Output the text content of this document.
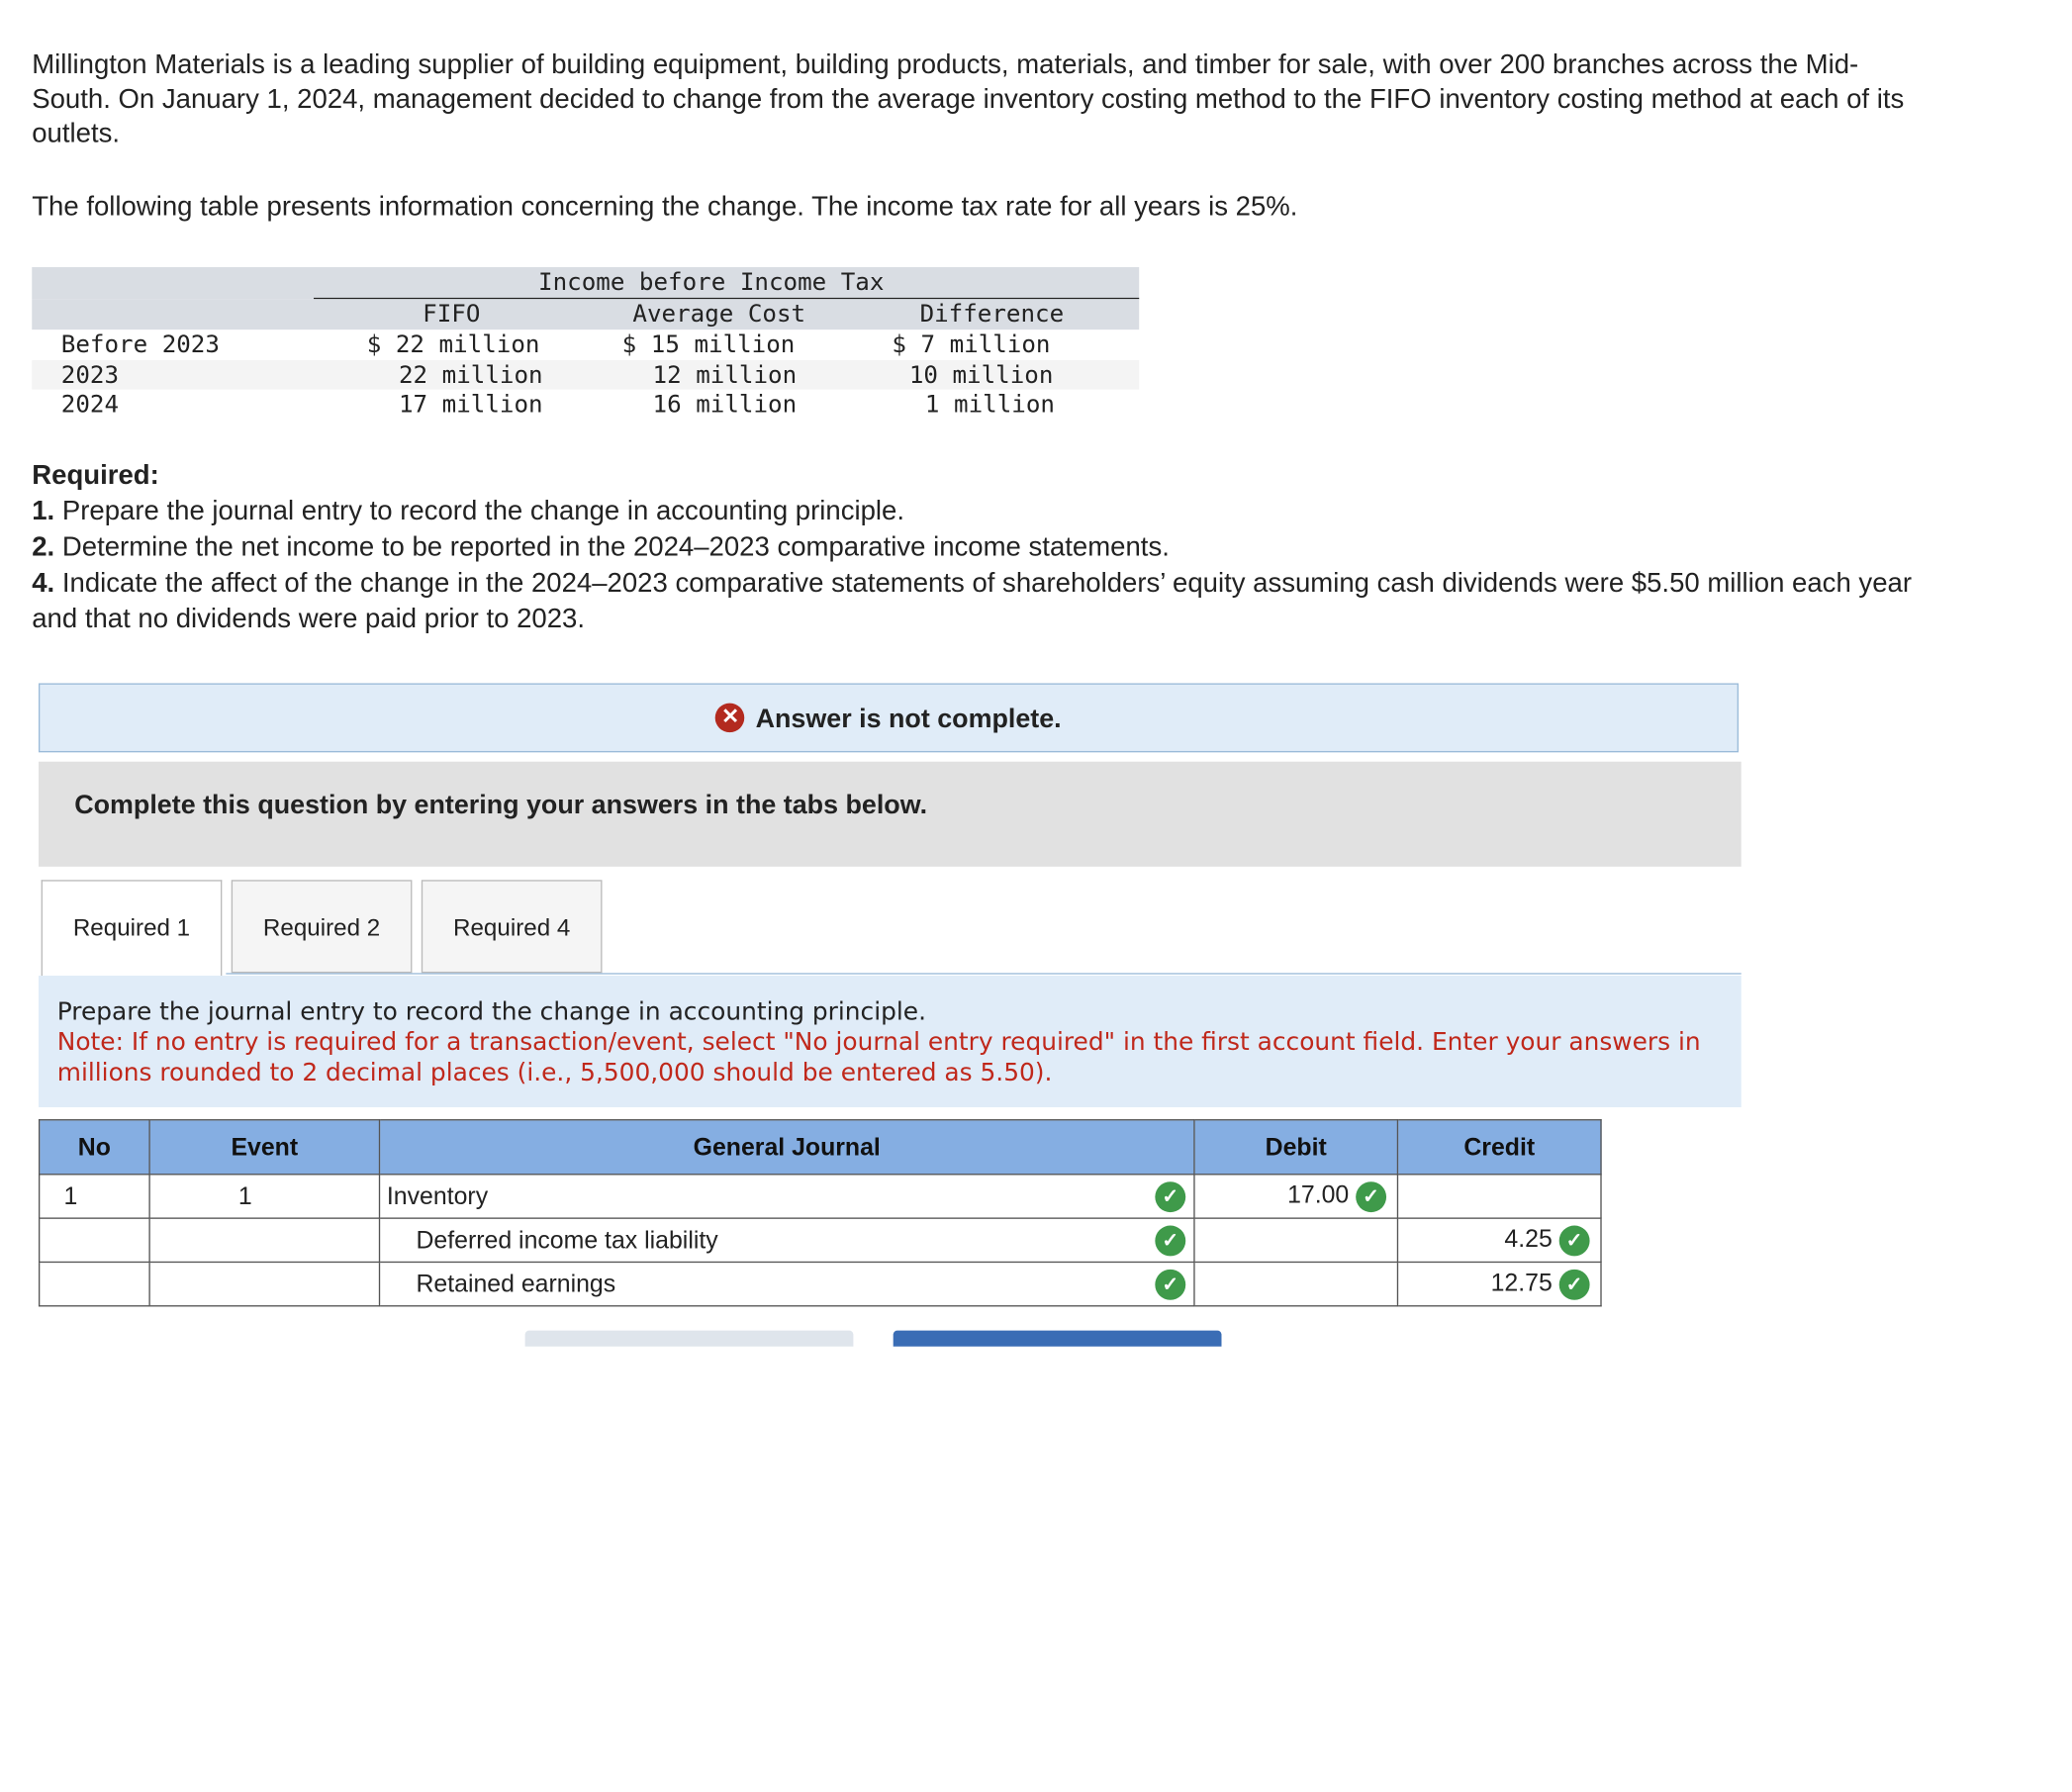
Millington Materials is a leading supplier of building equipment, building products, materials, and timber for sale, with over 200 branches across the Mid-South. On January 1, 2024, management decided to change from the average inventory costing method to the FIFO inventory costing method at each of its outlets.

The following table presents information concerning the change. The income tax rate for all years is 25%.
Income before Income Tax
FIFO	Average Cost	Difference
Before 2023	$ 22 million	$ 15 million	$ 7 million
2023	22 million	12 million	10 million
2024	17 million	16 million	1 million

Required:

1. Prepare the journal entry to record the change in accounting principle.

2. Determine the net income to be reported in the 2024–2023 comparative income statements.

4. Indicate the affect of the change in the 2024–2023 comparative statements of shareholders’ equity assuming cash dividends were $5.50 million each year and that no dividends were paid prior to 2023.

✕ Answer is not complete.
Complete this question by entering your answers in the tabs below.
Required 1	Required 2	Required 4

Prepare the journal entry to record the change in accounting principle.

Note: If no entry is required for a transaction/event, select "No journal entry required" in the first account field. Enter your answers in millions rounded to 2 decimal places (i.e., 5,500,000 should be entered as 5.50).

No	Event	General Journal	Debit	Credit
1	1	Inventory ✓	17.00 ✓	
		Deferred income tax liability ✓		4.25 ✓
		Retained earnings ✓		12.75 ✓
